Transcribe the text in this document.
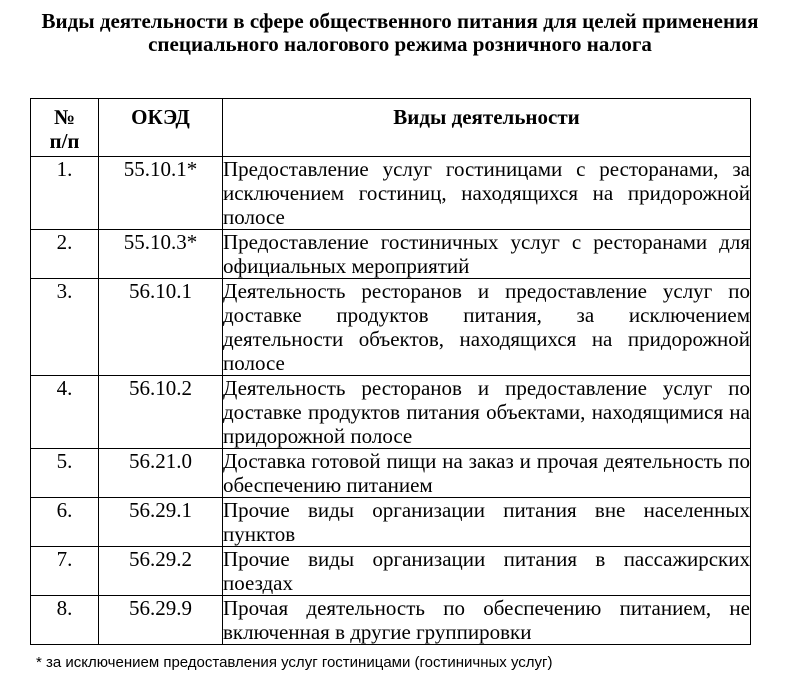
Виды деятельности в сфере общественного питания для целей применения
специального налогового режима розничного налога
№
п/п	ОКЭД	Виды деятельности
1.	55.10.1*	Предоставление услуг гостиницами с ресторанами, за исключением гостиниц, находящихся на придорожной полосе
2.	55.10.3*	Предоставление гостиничных услуг с ресторанами для официальных мероприятий
3.	56.10.1	Деятельность ресторанов и предоставление услуг по доставке продуктов питания, за исключением деятельности объектов, находящихся на придорожной полосе
4.	56.10.2	Деятельность ресторанов и предоставление услуг по доставке продуктов питания объектами, находящимися на придорожной полосе
5.	56.21.0	Доставка готовой пищи на заказ и прочая деятельность по обеспечению питанием
6.	56.29.1	Прочие виды организации питания вне населенных пунктов
7.	56.29.2	Прочие виды организации питания в пассажирских поездах
8.	56.29.9	Прочая деятельность по обеспечению питанием, не включенная в другие группировки
* за исключением предоставления услуг гостиницами (гостиничных услуг)
